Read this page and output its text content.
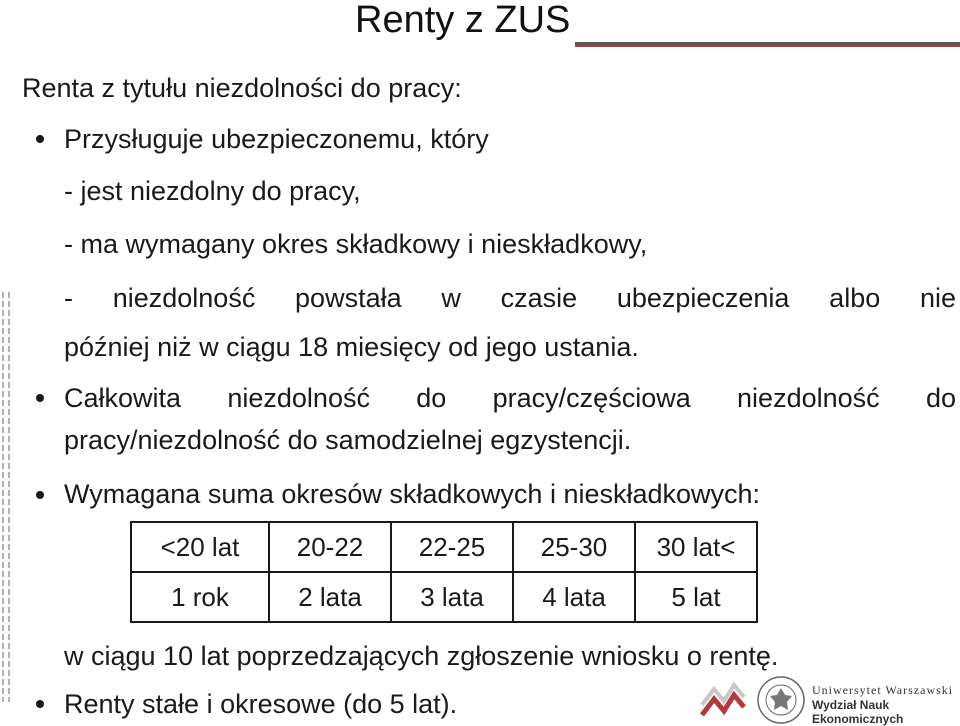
Renty z ZUS
Renta z tytułu niezdolności do pracy:
Przysługuje ubezpieczonemu, który
- jest niezdolny do pracy,
- ma wymagany okres składkowy i nieskładkowy,
- niezdolność powstała w czasie ubezpieczenia albo nie
później niż w ciągu 18 miesięcy od jego ustania.
Całkowita niezdolność do pracy/częściowa niezdolność do
pracy/niezdolność do samodzielnej egzystencji.
Wymagana suma okresów składkowych i nieskładkowych:
<20 lat	20-22	22-25	25-30	30 lat<
1 rok	2 lata	3 lata	4 lata	5 lat
w ciągu 10 lat poprzedzających zgłoszenie wniosku o rentę.
Renty stałe i okresowe (do 5 lat).	Uniwersytet Warszawski
Wydział Nauk Ekonomicznych
